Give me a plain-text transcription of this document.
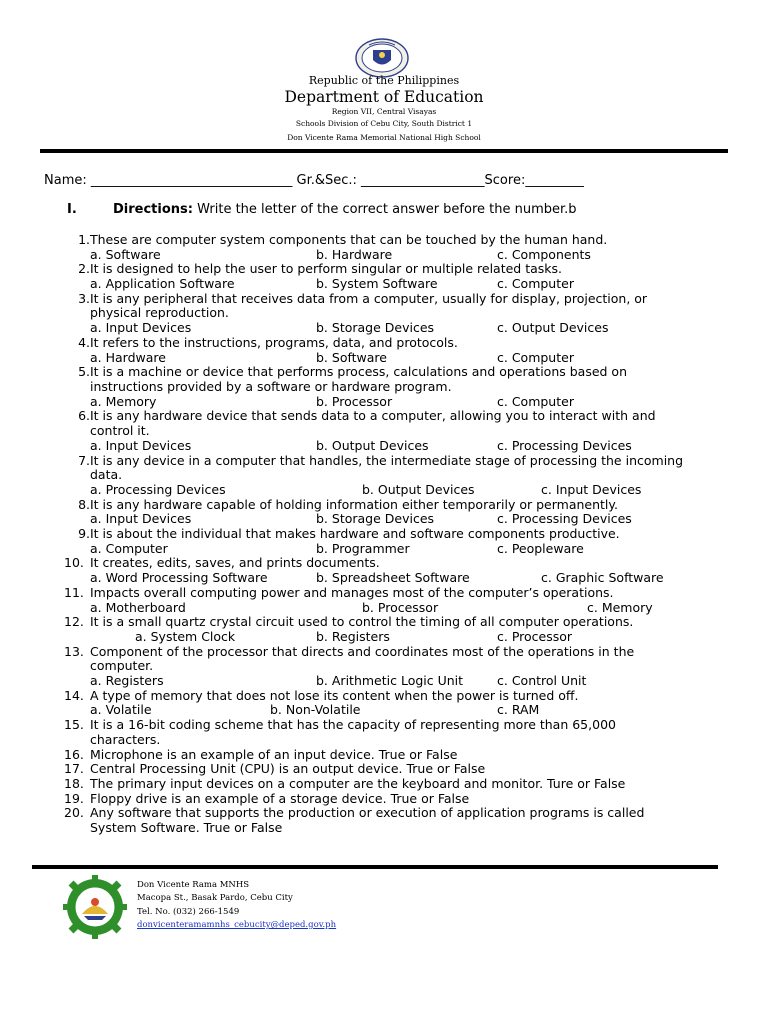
Republic of the Philippines
Department of Education
Region VII, Central Visayas
Schools Division of Cebu City, South District 1
Don Vicente Rama Memorial National High School
Name: _______________________________ Gr.&Sec.: ___________________Score:_________
I.	Directions: Write the letter of the correct answer before the number.b
1. These are computer system components that can be touched by the human hand.
a. Software	b. Hardware	c. Components
2. It is designed to help the user to perform singular or multiple related tasks.
a. Application Software	b. System Software	c. Computer
3. It is any peripheral that receives data from a computer, usually for display, projection, or
physical reproduction.
a. Input Devices	b. Storage Devices	c. Output Devices
4. It refers to the instructions, programs, data, and protocols.
a. Hardware	b. Software	c. Computer
5. It is a machine or device that performs process, calculations and operations based on
instructions provided by a software or hardware program.
a. Memory	b. Processor	c. Computer
6. It is any hardware device that sends data to a computer, allowing you to interact with and
control it.
a. Input Devices	b. Output Devices	c. Processing Devices
7. It is any device in a computer that handles, the intermediate stage of processing the incoming
data.
a. Processing Devices	b. Output Devices	c. Input Devices
8. It is any hardware capable of holding information either temporarily or permanently.
a. Input Devices	b. Storage Devices	c. Processing Devices
9. It is about the individual that makes hardware and software components productive.
a. Computer	b. Programmer	c. Peopleware
10. It creates, edits, saves, and prints documents.
a. Word Processing Software	b. Spreadsheet Software	c. Graphic Software
11. Impacts overall computing power and manages most of the computer’s operations.
a. Motherboard	b. Processor	c. Memory
12. It is a small quartz crystal circuit used to control the timing of all computer operations.
a. System Clock	b. Registers	c. Processor
13. Component of the processor that directs and coordinates most of the operations in the
computer.
a. Registers	b. Arithmetic Logic Unit	c. Control Unit
14. A type of memory that does not lose its content when the power is turned off.
a. Volatile	b. Non-Volatile	c. RAM
15. It is a 16-bit coding scheme that has the capacity of representing more than 65,000
characters.
16. Microphone is an example of an input device. True or False
17. Central Processing Unit (CPU) is an output device. True or False
18. The primary input devices on a computer are the keyboard and monitor. Ture or False
19. Floppy drive is an example of a storage device. True or False
20. Any software that supports the production or execution of application programs is called
System Software. True or False
Don Vicente Rama MNHS
Macopa St., Basak Pardo, Cebu City
Tel. No. (032) 266-1549
donvicenteramamnhs_cebucity@deped.gov.ph
